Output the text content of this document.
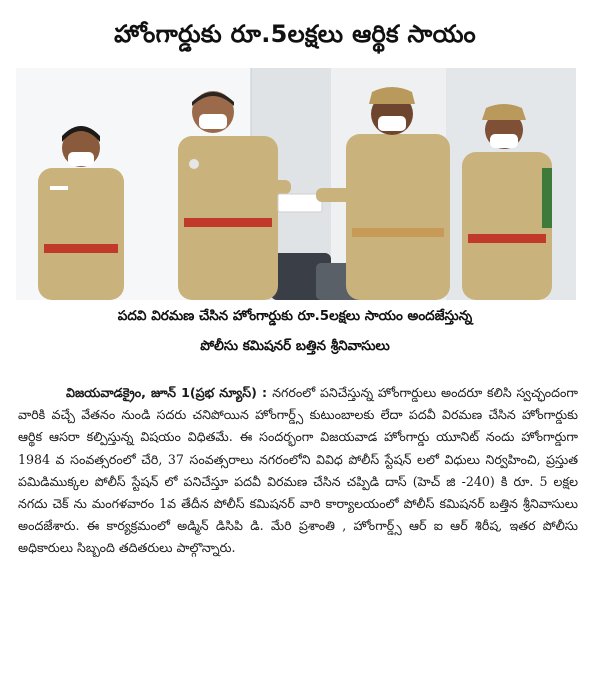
హోంగార్డుకు రూ.5లక్షలు ఆర్థిక సాయం
పదవి విరమణ చేసిన హోంగార్డుకు రూ.5లక్షలు సాయం అందజేస్తున్న
పోలీసు కమిషనర్ బత్తిన శ్రీనివాసులు
విజయవాడక్రైం, జూన్ 1(ప్రభ న్యూస్) : నగరంలో పనిచేస్తున్న హోంగార్డులు అందరూ కలిసి స్వచ్ఛందంగా వారికి వచ్చే వేతనం నుండి సదరు చనిపోయిన హోంగార్డ్స్ కుటుంబాలకు లేదా పదవీ విరమణ చేసిన హోంగార్డుకు ఆర్థిక ఆసరా కల్పిస్తున్న విషయం విధితమే. ఈ సందర్భంగా విజయవాడ హోంగార్డు యూనిట్ నందు హోంగార్డుగా 1984 వ సంవత్సరంలో చేరి, 37 సంవత్సరాలు నగరంలోని వివిధ పోలీస్ స్టేషన్ లలో విధులు నిర్వహించి, ప్రస్తుత పమిడిముక్కల పోలీస్ స్టేషన్ లో పనిచేస్తూ పదవీ విరమణ చేసిన చప్పిడి దాస్ (హెచ్ జి -240) కి రూ. 5 లక్షల నగదు చెక్ ను మంగళవారం 1వ తేదీన పోలీస్ కమిషనర్ వారి కార్యాలయంలో పోలీస్ కమిషనర్ బత్తిన శ్రీనివాసులు అందజేశారు. ఈ కార్యక్రమంలో అడ్మిన్ డిసిపి డి. మేరి ప్రశాంతి , హోంగార్డ్స్ ఆర్ ఐ ఆర్ శిరీష, ఇతర పోలీసు అధికారులు సిబ్బంది తదితరులు పాల్గొన్నారు.
